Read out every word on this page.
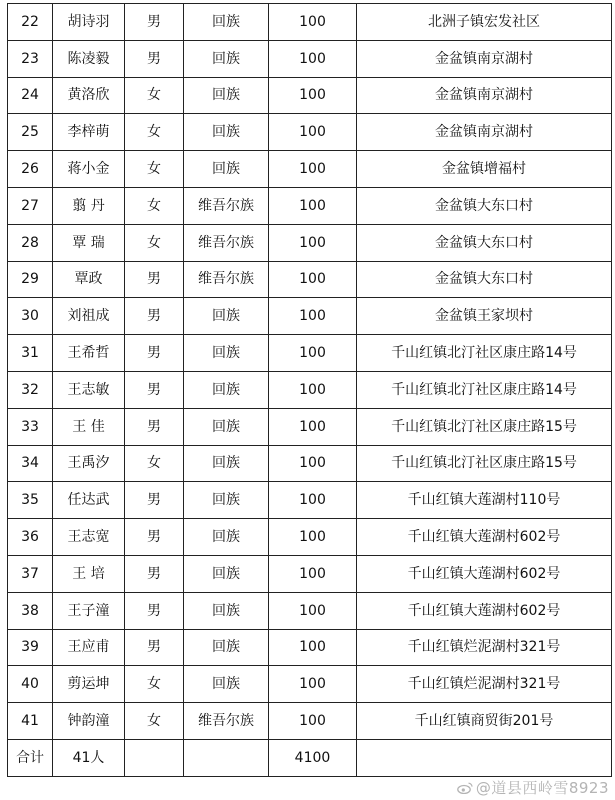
22	胡诗羽	男	回族	100	北洲子镇宏发社区
23	陈凌毅	男	回族	100	金盆镇南京湖村
24	黄洛欣	女	回族	100	金盆镇南京湖村
25	李梓萌	女	回族	100	金盆镇南京湖村
26	蒋小金	女	回族	100	金盆镇增福村
27	翦 丹	女	维吾尔族	100	金盆镇大东口村
28	覃 瑞	女	维吾尔族	100	金盆镇大东口村
29	覃政	男	维吾尔族	100	金盆镇大东口村
30	刘祖成	男	回族	100	金盆镇王家坝村
31	王希哲	男	回族	100	千山红镇北汀社区康庄路14号
32	王志敏	男	回族	100	千山红镇北汀社区康庄路14号
33	王 佳	男	回族	100	千山红镇北汀社区康庄路15号
34	王禹汐	女	回族	100	千山红镇北汀社区康庄路15号
35	任达武	男	回族	100	千山红镇大莲湖村110号
36	王志宽	男	回族	100	千山红镇大莲湖村602号
37	王 培	男	回族	100	千山红镇大莲湖村602号
38	王子潼	男	回族	100	千山红镇大莲湖村602号
39	王应甫	男	回族	100	千山红镇烂泥湖村321号
40	剪运坤	女	回族	100	千山红镇烂泥湖村321号
41	钟韵潼	女	维吾尔族	100	千山红镇商贸街201号
合计	41人			4100	
@道县西岭雪8923
